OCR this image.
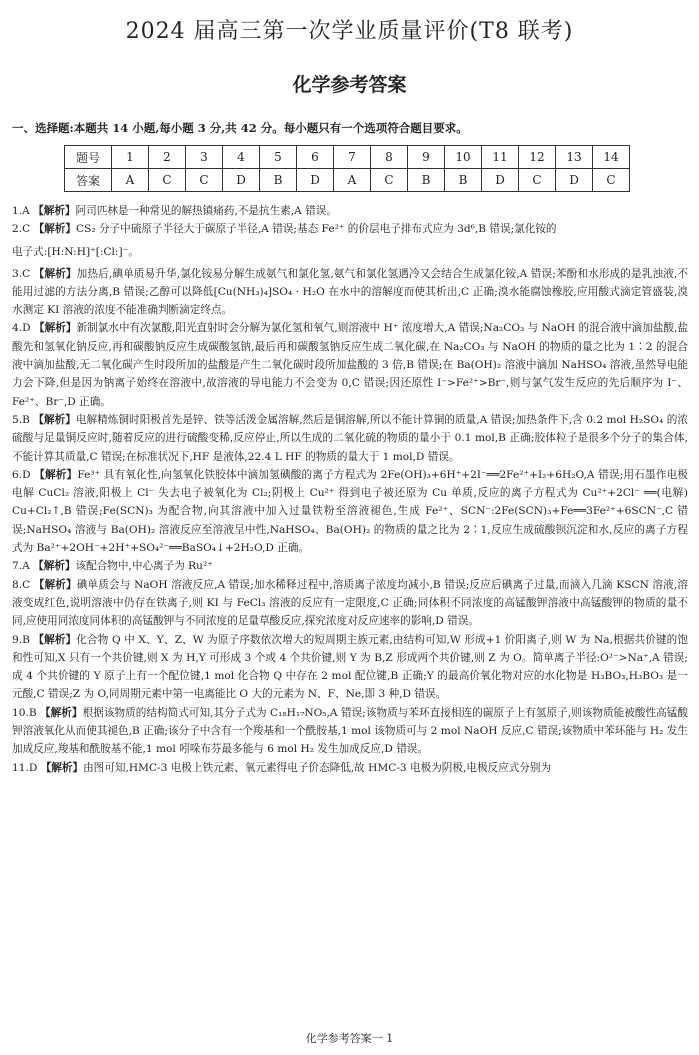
2024 届高三第一次学业质量评价(T8 联考)
化学参考答案
一、选择题:本题共 14 小题,每小题 3 分,共 42 分。每小题只有一个选项符合题目要求。
题号	1	2	3	4	5	6	7	8	9	10	11	12	13	14
答案	A	C	C	D	B	D	A	C	B	B	D	C	D	C

1.A 【解析】阿司匹林是一种常见的解热镇痛药,不是抗生素,A 错误。

2.C 【解析】CS₂ 分子中硫原子半径大于碳原子半径,A 错误;基态 Fe²⁺ 的价层电子排布式应为 3d⁶,B 错误;氯化铵的

电子式:[H:N:H]⁺[:Cl:]⁻。

3.C 【解析】加热后,碘单质易升华,氯化铵易分解生成氨气和氯化氢,氨气和氯化氢遇冷又会结合生成氯化铵,A 错误;苯酚和水形成的是乳浊液,不能用过滤的方法分离,B 错误;乙醇可以降低[Cu(NH₃)₄]SO₄ · H₂O 在水中的溶解度而使其析出,C 正确;溴水能腐蚀橡胶,应用酸式滴定管盛装,溴水测定 KI 溶液的浓度不能准确判断滴定终点。

4.D 【解析】新制氯水中有次氯酸,阳光直射时会分解为氯化氢和氧气,则溶液中 H⁺ 浓度增大,A 错误;Na₂CO₃ 与 NaOH 的混合液中滴加盐酸,盐酸先和氢氧化钠反应,再和碳酸钠反应生成碳酸氢钠,最后再和碳酸氢钠反应生成二氧化碳,在 Na₂CO₃ 与 NaOH 的物质的量之比为 1∶2 的混合液中滴加盐酸,无二氧化碳产生时段所加的盐酸是产生二氧化碳时段所加盐酸的 3 倍,B 错误;在 Ba(OH)₂ 溶液中滴加 NaHSO₄ 溶液,虽然导电能力会下降,但是因为钠离子始终在溶液中,故溶液的导电能力不会变为 0,C 错误;因还原性 I⁻>Fe²⁺>Br⁻,则与氯气发生反应的先后顺序为 I⁻、Fe²⁺、Br⁻,D 正确。

5.B 【解析】电解精炼铜时阳极首先是锌、铁等活泼金属溶解,然后是铜溶解,所以不能计算铜的质量,A 错误;加热条件下,含 0.2 mol H₂SO₄ 的浓硫酸与足量铜反应时,随着反应的进行硫酸变稀,反应停止,所以生成的二氧化硫的物质的量小于 0.1 mol,B 正确;胶体粒子是很多个分子的集合体,不能计算其质量,C 错误;在标准状况下,HF 是液体,22.4 L HF 的物质的量大于 1 mol,D 错误。

6.D 【解析】Fe³⁺ 具有氧化性,向氢氧化铁胶体中滴加氢碘酸的离子方程式为 2Fe(OH)₃+6H⁺+2I⁻══2Fe²⁺+I₂+6H₂O,A 错误;用石墨作电极电解 CuCl₂ 溶液,阳极上 Cl⁻ 失去电子被氧化为 Cl₂;阴极上 Cu²⁺ 得到电子被还原为 Cu 单质,反应的离子方程式为 Cu²⁺+2Cl⁻ ══(电解) Cu+Cl₂↑,B 错误;Fe(SCN)₃ 为配合物,向其溶液中加入过量铁粉至溶液褪色,生成 Fe²⁺、SCN⁻:2Fe(SCN)₃+Fe══3Fe²⁺+6SCN⁻,C 错误;NaHSO₄ 溶液与 Ba(OH)₂ 溶液反应至溶液呈中性,NaHSO₄、Ba(OH)₂ 的物质的量之比为 2∶1,反应生成硫酸钡沉淀和水,反应的离子方程式为 Ba²⁺+2OH⁻+2H⁺+SO₄²⁻══BaSO₄↓+2H₂O,D 正确。

7.A 【解析】该配合物中,中心离子为 Ru²⁺

8.C 【解析】碘单质会与 NaOH 溶液反应,A 错误;加水稀释过程中,溶质离子浓度均减小,B 错误;反应后碘离子过量,而滴入几滴 KSCN 溶液,溶液变成红色,说明溶液中仍存在铁离子,则 KI 与 FeCl₃ 溶液的反应有一定限度,C 正确;同体积不同浓度的高锰酸钾溶液中高锰酸钾的物质的量不同,应使用同浓度同体积的高锰酸钾与不同浓度的足量草酸反应,探究浓度对反应速率的影响,D 错误。

9.B 【解析】化合物 Q 中 X、Y、Z、W 为原子序数依次增大的短周期主族元素,由结构可知,W 形成+1 价阳离子,则 W 为 Na,根据共价键的饱和性可知,X 只有一个共价键,则 X 为 H,Y 可形成 3 个或 4 个共价键,则 Y 为 B,Z 形成两个共价键,则 Z 为 O。简单离子半径:O²⁻>Na⁺,A 错误;成 4 个共价键的 Y 原子上有一个配位键,1 mol 化合物 Q 中存在 2 mol 配位键,B 正确;Y 的最高价氧化物对应的水化物是 H₃BO₃,H₃BO₃ 是一元酸,C 错误;Z 为 O,同周期元素中第一电离能比 O 大的元素为 N、F、Ne,即 3 种,D 错误。

10.B 【解析】根据该物质的结构简式可知,其分子式为 C₁₈H₁₇NO₅,A 错误;该物质与苯环直接相连的碳原子上有氢原子,则该物质能被酸性高锰酸钾溶液氧化从而使其褪色,B 正确;该分子中含有一个羧基和一个酰胺基,1 mol 该物质可与 2 mol NaOH 反应,C 错误;该物质中苯环能与 H₂ 发生加成反应,羧基和酰胺基不能,1 mol 吲哚布芬最多能与 6 mol H₂ 发生加成反应,D 错误。

11.D 【解析】由图可知,HMC-3 电极上铁元素、氧元素得电子价态降低,故 HMC-3 电极为阴极,电极反应式分别为

化学参考答案一 1
